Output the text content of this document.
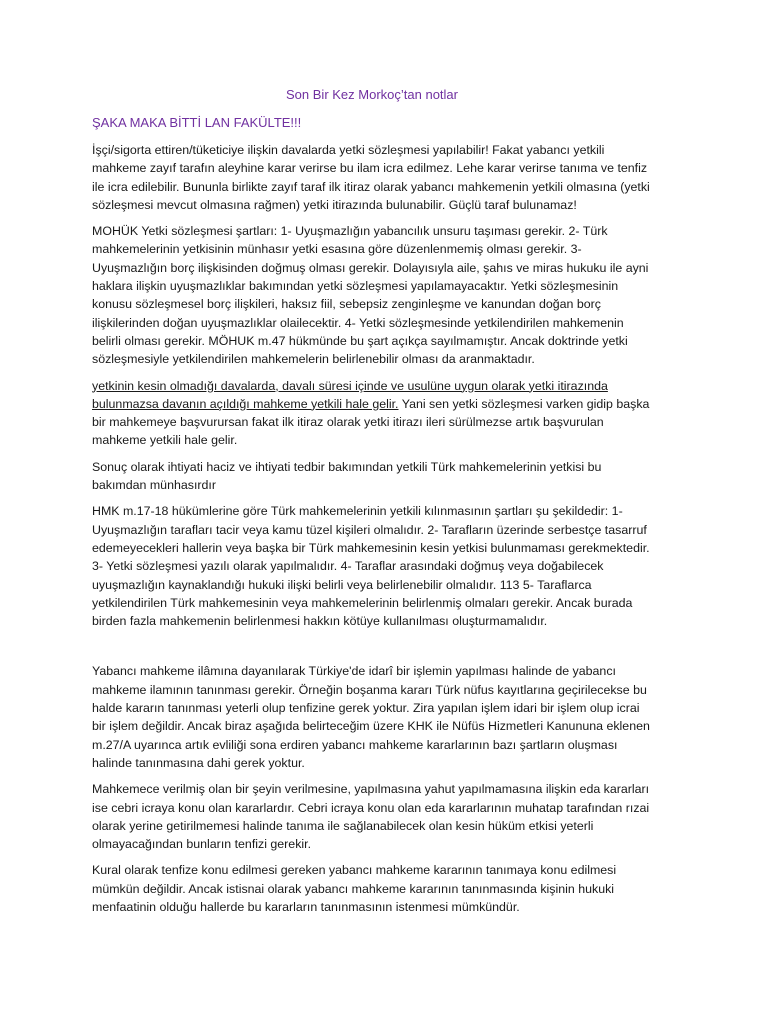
Son Bir Kez Morkoç’tan notlar
ŞAKA MAKA BİTTİ LAN FAKÜLTE!!!

İşçi/sigorta ettiren/tüketiciye ilişkin davalarda yetki sözleşmesi yapılabilir! Fakat yabancı yetkili mahkeme zayıf tarafın aleyhine karar verirse bu ilam icra edilmez. Lehe karar verirse tanıma ve tenfiz ile icra edilebilir. Bununla birlikte zayıf taraf ilk itiraz olarak yabancı mahkemenin yetkili olmasına (yetki sözleşmesi mevcut olmasına rağmen) yetki itirazında bulunabilir. Güçlü taraf bulunamaz!

MOHÜK Yetki sözleşmesi şartları: 1- Uyuşmazlığın yabancılık unsuru taşıması gerekir. 2- Türk mahkemelerinin yetkisinin münhasır yetki esasına göre düzenlenmemiş olması gerekir. 3- Uyuşmazlığın borç ilişkisinden doğmuş olması gerekir. Dolayısıyla aile, şahıs ve miras hukuku ile ayni haklara ilişkin uyuşmazlıklar bakımından yetki sözleşmesi yapılamayacaktır. Yetki sözleşmesinin konusu sözleşmesel borç ilişkileri, haksız fiil, sebepsiz zenginleşme ve kanundan doğan borç ilişkilerinden doğan uyuşmazlıklar olailecektir. 4- Yetki sözleşmesinde yetkilendirilen mahkemenin belirli olması gerekir. MÖHUK m.47 hükmünde bu şart açıkça sayılmamıştır. Ancak doktrinde yetki sözleşmesiyle yetkilendirilen mahkemelerin belirlenebilir olması da aranmaktadır.

yetkinin kesin olmadığı davalarda, davalı süresi içinde ve usulüne uygun olarak yetki itirazında bulunmazsa davanın açıldığı mahkeme yetkili hale gelir. Yani sen yetki sözleşmesi varken gidip başka bir mahkemeye başvurursan fakat ilk itiraz olarak yetki itirazı ileri sürülmezse artık başvurulan mahkeme yetkili hale gelir.

Sonuç olarak ihtiyati haciz ve ihtiyati tedbir bakımından yetkili Türk mahkemelerinin yetkisi bu bakımdan münhasırdır

HMK m.17-18 hükümlerine göre Türk mahkemelerinin yetkili kılınmasının şartları şu şekildedir: 1- Uyuşmazlığın tarafları tacir veya kamu tüzel kişileri olmalıdır. 2- Tarafların üzerinde serbestçe tasarruf edemeyecekleri hallerin veya başka bir Türk mahkemesinin kesin yetkisi bulunmaması gerekmektedir. 3- Yetki sözleşmesi yazılı olarak yapılmalıdır. 4- Taraflar arasındaki doğmuş veya doğabilecek uyuşmazlığın kaynaklandığı hukuki ilişki belirli veya belirlenebilir olmalıdır. 113 5- Taraflarca yetkilendirilen Türk mahkemesinin veya mahkemelerinin belirlenmiş olmaları gerekir. Ancak burada birden fazla mahkemenin belirlenmesi hakkın kötüye kullanılması oluşturmamalıdır.

Yabancı mahkeme ilâmına dayanılarak Türkiye'de idarî bir işlemin yapılması halinde de yabancı mahkeme ilamının tanınması gerekir. Örneğin boşanma kararı Türk nüfus kayıtlarına geçirilecekse bu halde kararın tanınması yeterli olup tenfizine gerek yoktur. Zira yapılan işlem idari bir işlem olup icrai bir işlem değildir. Ancak biraz aşağıda belirteceğim üzere KHK ile Nüfüs Hizmetleri Kanununa eklenen m.27/A uyarınca artık evliliği sona erdiren yabancı mahkeme kararlarının bazı şartların oluşması halinde tanınmasına dahi gerek yoktur.

Mahkemece verilmiş olan bir şeyin verilmesine, yapılmasına yahut yapılmamasına ilişkin eda kararları ise cebri icraya konu olan kararlardır. Cebri icraya konu olan eda kararlarının muhatap tarafından rızai olarak yerine getirilmemesi halinde tanıma ile sağlanabilecek olan kesin hüküm etkisi yeterli olmayacağından bunların tenfizi gerekir.

Kural olarak tenfize konu edilmesi gereken yabancı mahkeme kararının tanımaya konu edilmesi mümkün değildir. Ancak istisnai olarak yabancı mahkeme kararının tanınmasında kişinin hukuki menfaatinin olduğu hallerde bu kararların tanınmasının istenmesi mümkündür.
